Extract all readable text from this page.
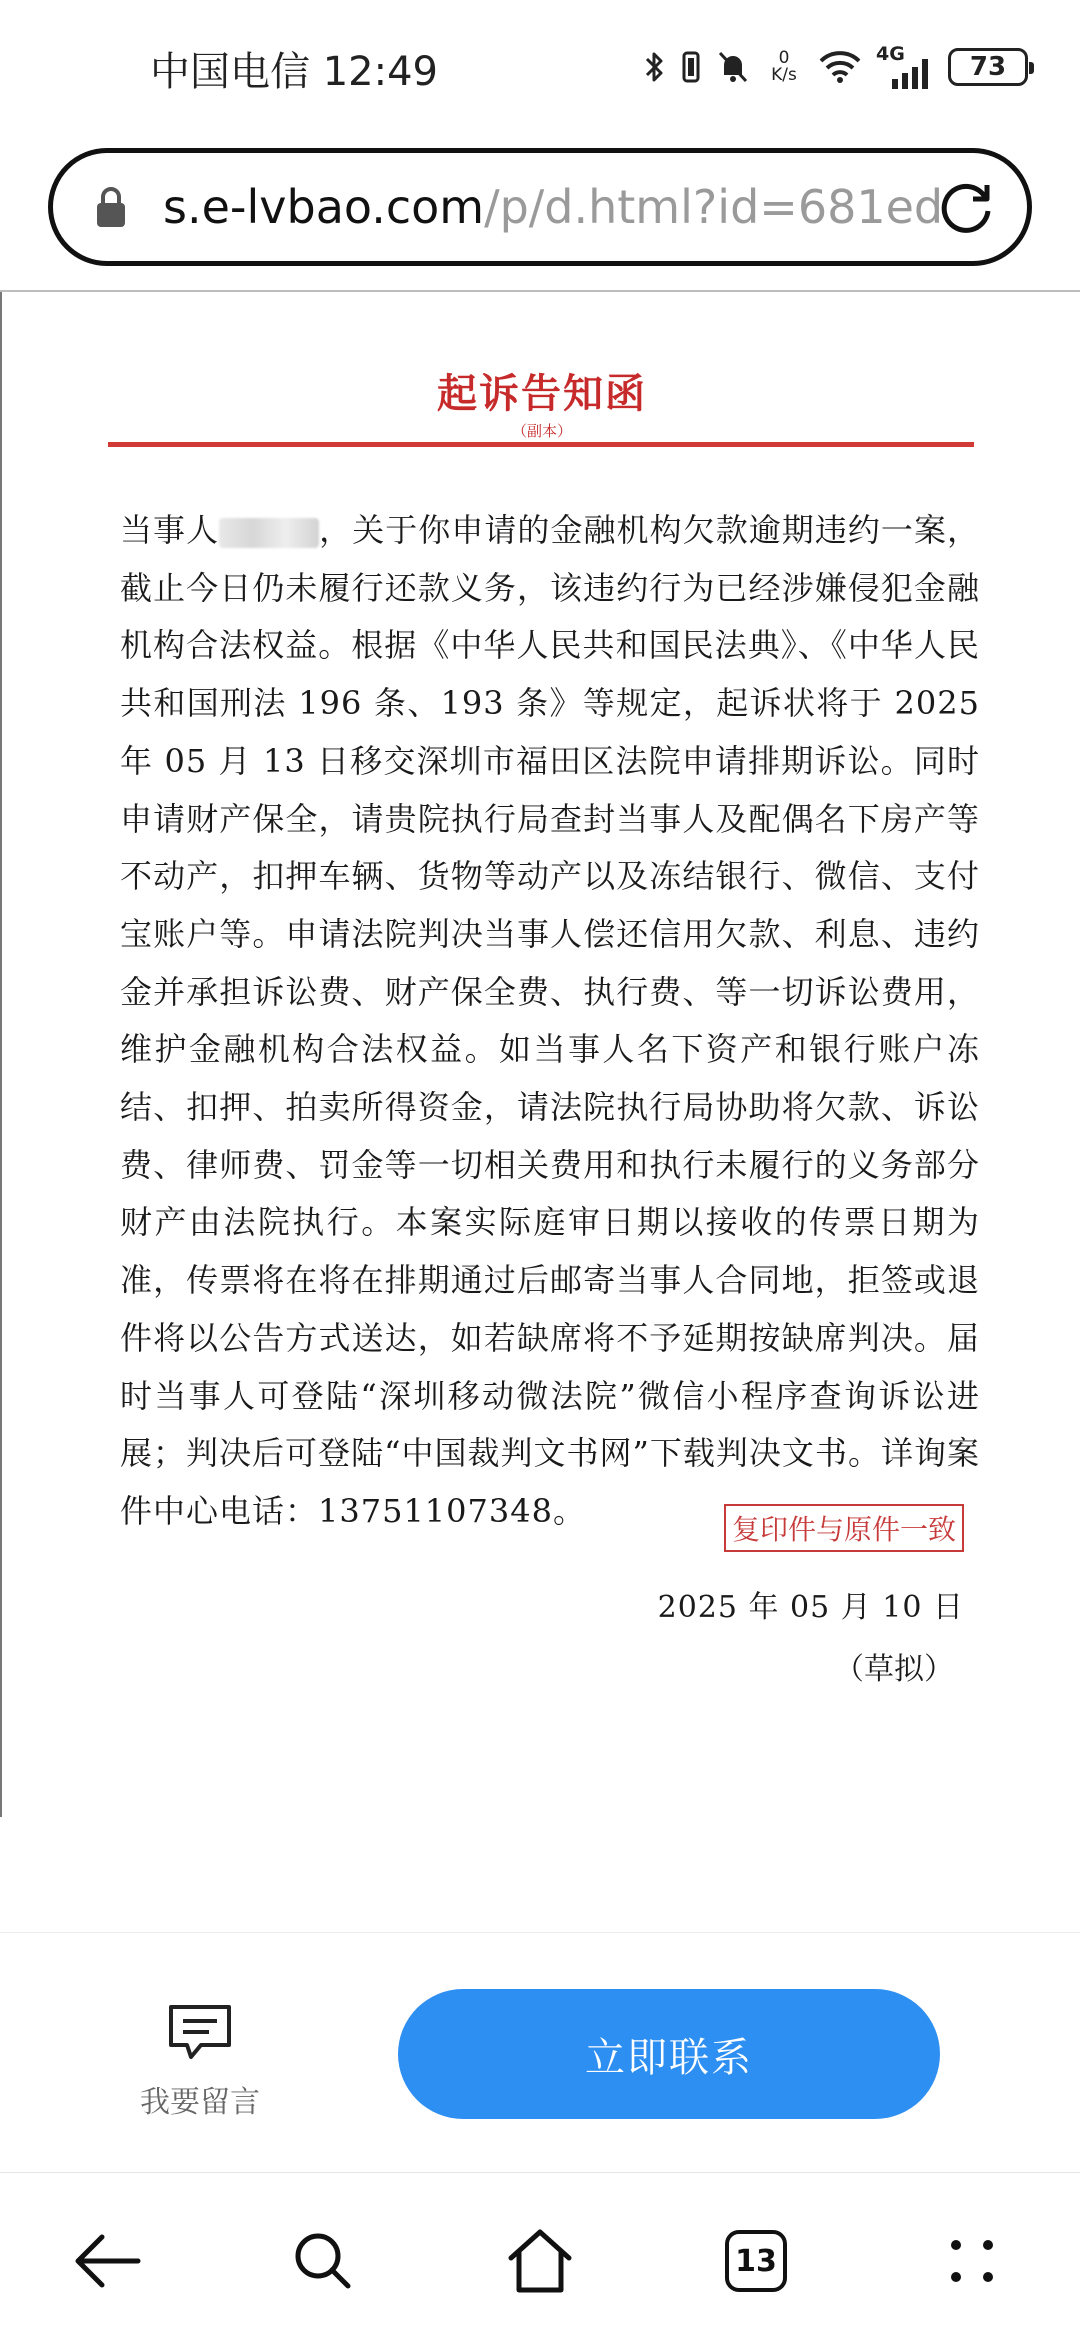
中国电信 12:49	0
K/s
4G	73
s.e-lvbao.com/p/d.html?id=681ed
起诉告知函
（副本）

当事人	，关于你申请的金融机构欠款逾期违约一案，截止今日仍未履行还款义务，该违约行为已经涉嫌侵犯金融机构合法权益。根据《中华人民共和国民法典》、《中华人民共和国刑法 196 条、193 条》等规定，起诉状将于 2025 年 05 月 13 日移交深圳市福田区法院申请排期诉讼。同时申请财产保全，请贵院执行局查封当事人及配偶名下房产等不动产，扣押车辆、货物等动产以及冻结银行、微信、支付宝账户等。申请法院判决当事人偿还信用欠款、利息、违约金并承担诉讼费、财产保全费、执行费、等一切诉讼费用，维护金融机构合法权益。如当事人名下资产和银行账户冻结、扣押、拍卖所得资金，请法院执行局协助将欠款、诉讼费、律师费、罚金等一切相关费用和执行未履行的义务部分财产由法院执行。本案实际庭审日期以接收的传票日期为准，传票将在将在排期通过后邮寄当事人合同地，拒签或退件将以公告方式送达，如若缺席将不予延期按缺席判决。届时当事人可登陆“深圳移动微法院”微信小程序查询诉讼进展；判决后可登陆“中国裁判文书网”下载判决文书。详询案件中心电话：13751107348。	复印件与原件一致
2025 年 05 月 10 日
（草拟）
我要留言
立即联系
13
